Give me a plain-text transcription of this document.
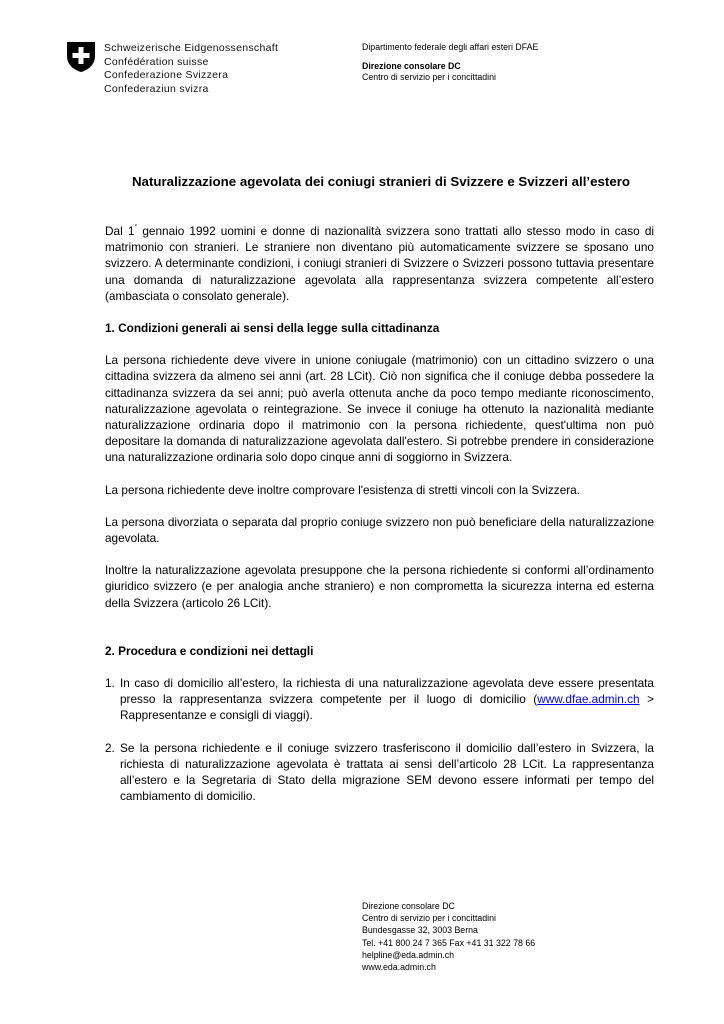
Schweizerische Eidgenossenschaft
Confédération suisse
Confederazione Svizzera
Confederaziun svizra
Dipartimento federale degli affari esteri DFAE
Direzione consolare DC
Centro di servizio per i concittadini
Naturalizzazione agevolata dei coniugi stranieri di Svizzere e Svizzeri all’estero

Dal 1° gennaio 1992 uomini e donne di nazionalità svizzera sono trattati allo stesso modo in caso di matrimonio con stranieri. Le straniere non diventano più automaticamente svizzere se sposano uno svizzero. A determinante condizioni, i coniugi stranieri di Svizzere o Svizzeri possono tuttavia presentare una domanda di naturalizzazione agevolata alla rappresentanza svizzera competente all’estero (ambasciata o consolato generale).

1. Condizioni generali ai sensi della legge sulla cittadinanza

La persona richiedente deve vivere in unione coniugale (matrimonio) con un cittadino svizzero o una cittadina svizzera da almeno sei anni (art. 28 LCit). Ciò non significa che il coniuge debba possedere la cittadinanza svizzera da sei anni; può averla ottenuta anche da poco tempo mediante riconoscimento, naturalizzazione agevolata o reintegrazione. Se invece il coniuge ha ottenuto la nazionalità mediante naturalizzazione ordinaria dopo il matrimonio con la persona richiedente, quest'ultima non può depositare la domanda di naturalizzazione agevolata dall'estero. Si potrebbe prendere in considerazione una naturalizzazione ordinaria solo dopo cinque anni di soggiorno in Svizzera.

La persona richiedente deve inoltre comprovare l'esistenza di stretti vincoli con la Svizzera.

La persona divorziata o separata dal proprio coniuge svizzero non può beneficiare della naturalizzazione agevolata.

Inoltre la naturalizzazione agevolata presuppone che la persona richiedente si conformi all’ordinamento giuridico svizzero (e per analogia anche straniero) e non comprometta la sicurezza interna ed esterna della Svizzera (articolo 26 LCit).

2. Procedura e condizioni nei dettagli

1. In caso di domicilio all’estero, la richiesta di una naturalizzazione agevolata deve essere presentata presso la rappresentanza svizzera competente per il luogo di domicilio (www.dfae.admin.ch > Rappresentanze e consigli di viaggi).

2. Se la persona richiedente e il coniuge svizzero trasferiscono il domicilio dall’estero in Svizzera, la richiesta di naturalizzazione agevolata è trattata ai sensi dell’articolo 28 LCit. La rappresentanza all’estero e la Segretaria di Stato della migrazione SEM devono essere informati per tempo del cambiamento di domicilio.

Direzione consolare DC
Centro di servizio per i concittadini
Bundesgasse 32, 3003 Berna
Tel. +41 800 24 7 365 Fax +41 31 322 78 66
helpline@eda.admin.ch
www.eda.admin.ch
